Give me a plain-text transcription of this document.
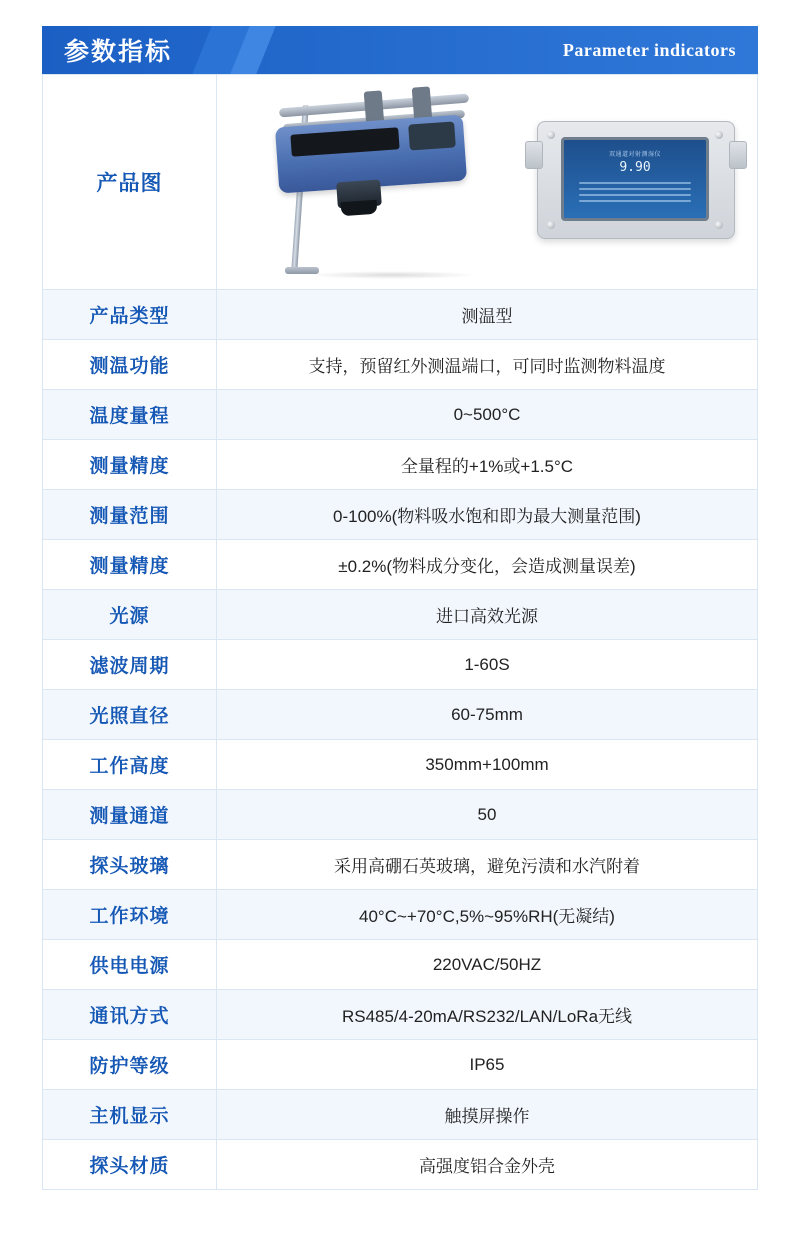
参数指标	Parameter indicators
产品图	双通道对射测湿仪
9.90

产品类型	测温型
测温功能	支持，预留红外测温端口，可同时监测物料温度
温度量程	0~500°C
测量精度	全量程的+1%或+1.5°C
测量范围	0-100%(物料吸水饱和即为最大测量范围)
测量精度	±0.2%(物料成分变化，会造成测量误差)
光源	进口高效光源
滤波周期	1-60S
光照直径	60-75mm
工作高度	350mm+100mm
测量通道	50
探头玻璃	采用高硼石英玻璃，避免污渍和水汽附着
工作环境	40°C~+70°C,5%~95%RH(无凝结)
供电电源	220VAC/50HZ
通讯方式	RS485/4-20mA/RS232/LAN/LoRa无线
防护等级	IP65
主机显示	触摸屏操作
探头材质	高强度铝合金外壳
